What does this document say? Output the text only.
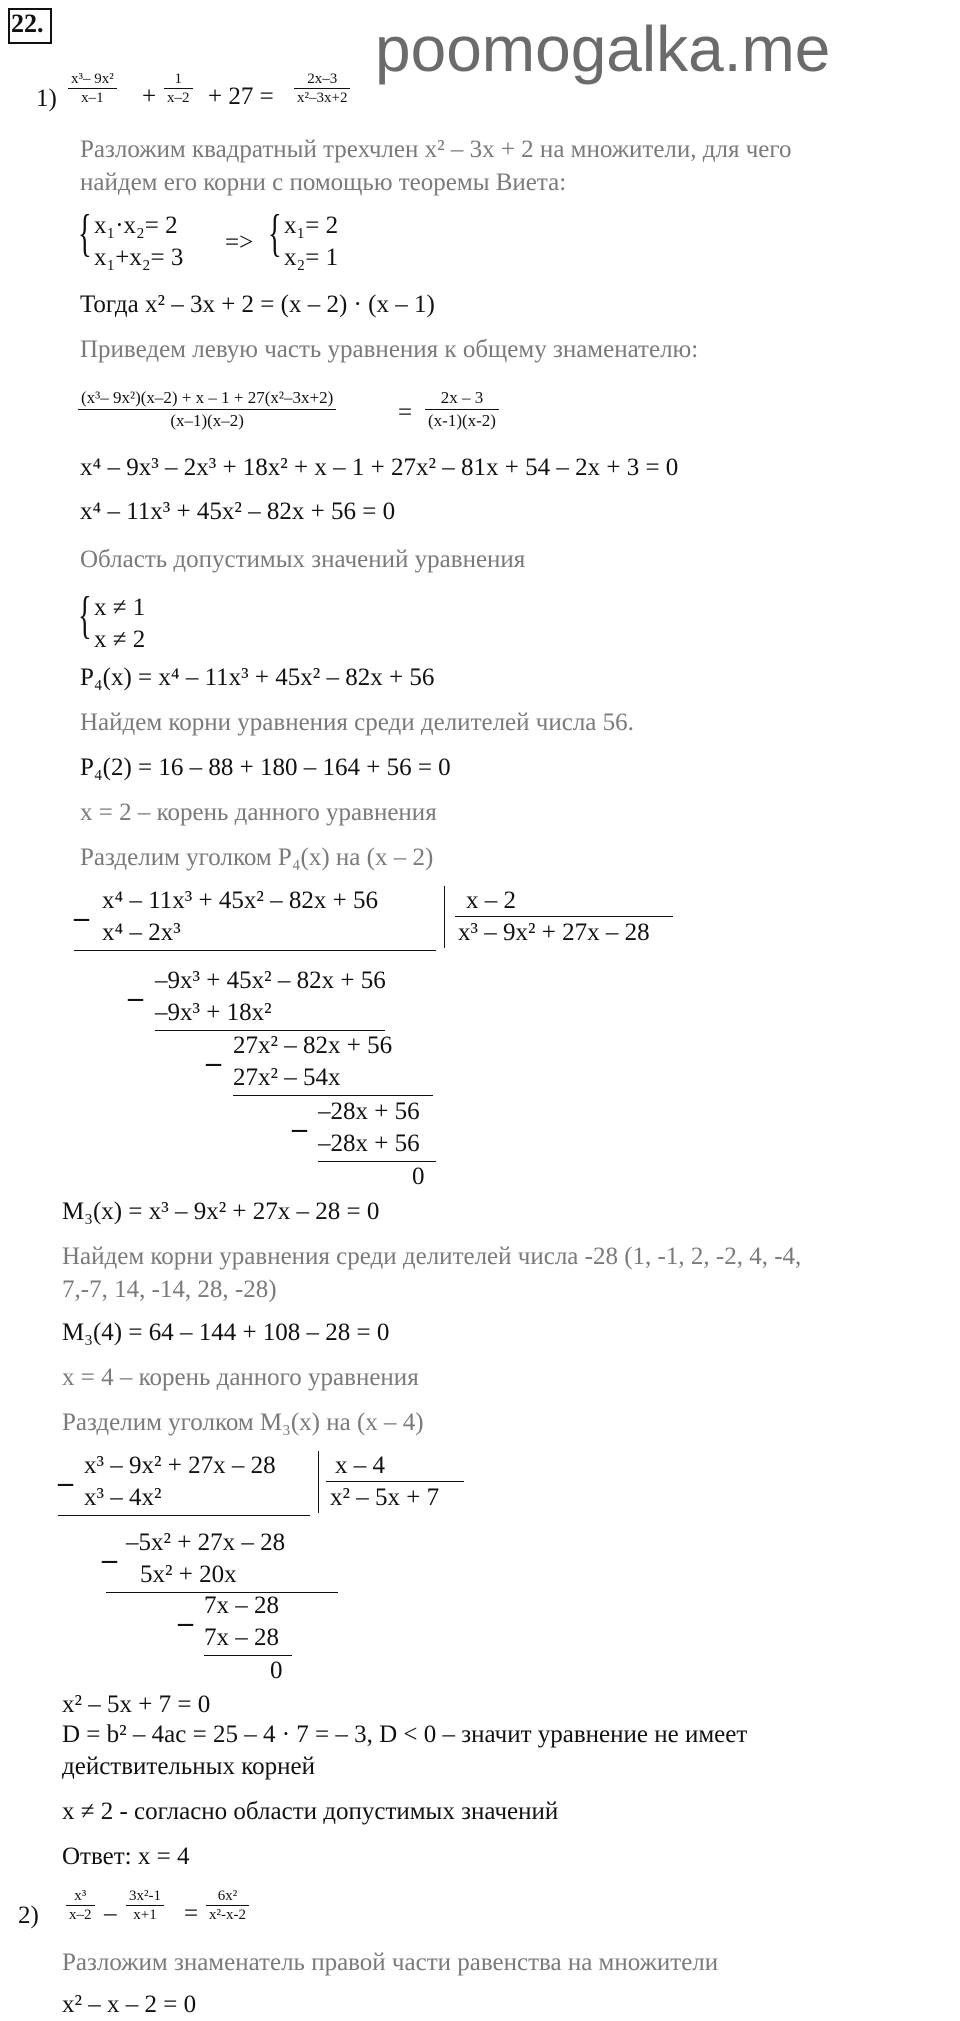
22.	poomogalka.me
$1) \frac{\text{x³– 9x²}}{x-1} + \frac{1}{x-2} + 27 = \frac{2x-3}{\text{x²–3x+2}}$
Разложим квадратный трехчлен x² – 3x + 2 на множители, для чего
найдем его корни с помощью теоремы Виета:
{ x₁·x₂= 2
x₁+x₂= 3
=> { x₁= 2
x₂= 1
Тогда x² – 3x + 2 = (x – 2) · (x – 1)
Приведем левую часть уравнения к общему знаменателю:
$\frac{\text{(x³– 9x²)(x–2) + x – 1 + 27(x²–3x+2)}}{(x-1)(x-2)} = \frac{2x - 3}{(x-1)(x-2)}$
x⁴ – 9x³ – 2x³ + 18x² + x – 1 + 27x² – 81x + 54 – 2x + 3 = 0
x⁴ – 11x³ + 45x² – 82x + 56 = 0
Область допустимых значений уравнения
{ x ≠ 1
x ≠ 2
P₄(x) = x⁴ – 11x³ + 45x² – 82x + 56
Найдем корни уравнения среди делителей числа 56.
P₄(2) = 16 – 88 + 180 – 164 + 56 = 0
x = 2 – корень данного уравнения
Разделим уголком P₄(x) на (x – 2)
_ x⁴ – 11x³ + 45x² – 82x + 56
x⁴ – 2x³
x – 2
x³ – 9x² + 27x – 28
_ –9x³ + 45x² – 82x + 56
–9x³ + 18x²
_ 27x² – 82x + 56
27x² – 54x
_ –28x + 56
–28x + 56
0
M₃(x) = x³ – 9x² + 27x – 28 = 0
Найдем корни уравнения среди делителей числа -28 (1, -1, 2, -2, 4, -4,
7,-7, 14, -14, 28, -28)
M₃(4) = 64 – 144 + 108 – 28 = 0
x = 4 – корень данного уравнения
Разделим уголком M₃(x) на (x – 4)
_ x³ – 9x² + 27x – 28
x³ – 4x²
x – 4
x² – 5x + 7
_ –5x² + 27x – 28
5x² + 20x
_ 7x – 28
7x – 28
0
x² – 5x + 7 = 0
D = b² – 4ac = 25 – 4 · 7 = – 3, D < 0 – значит уравнение не имеет
действительных корней
x ≠ 2 - согласно области допустимых значений
Ответ: x = 4
$2) \frac{\text{x³}}{x-2} - \frac{\text{3x²-1}}{x+1} = \frac{\text{6x²}}{\text{x²-x-2}}$
Разложим знаменатель правой части равенства на множители
x² – x – 2 = 0
